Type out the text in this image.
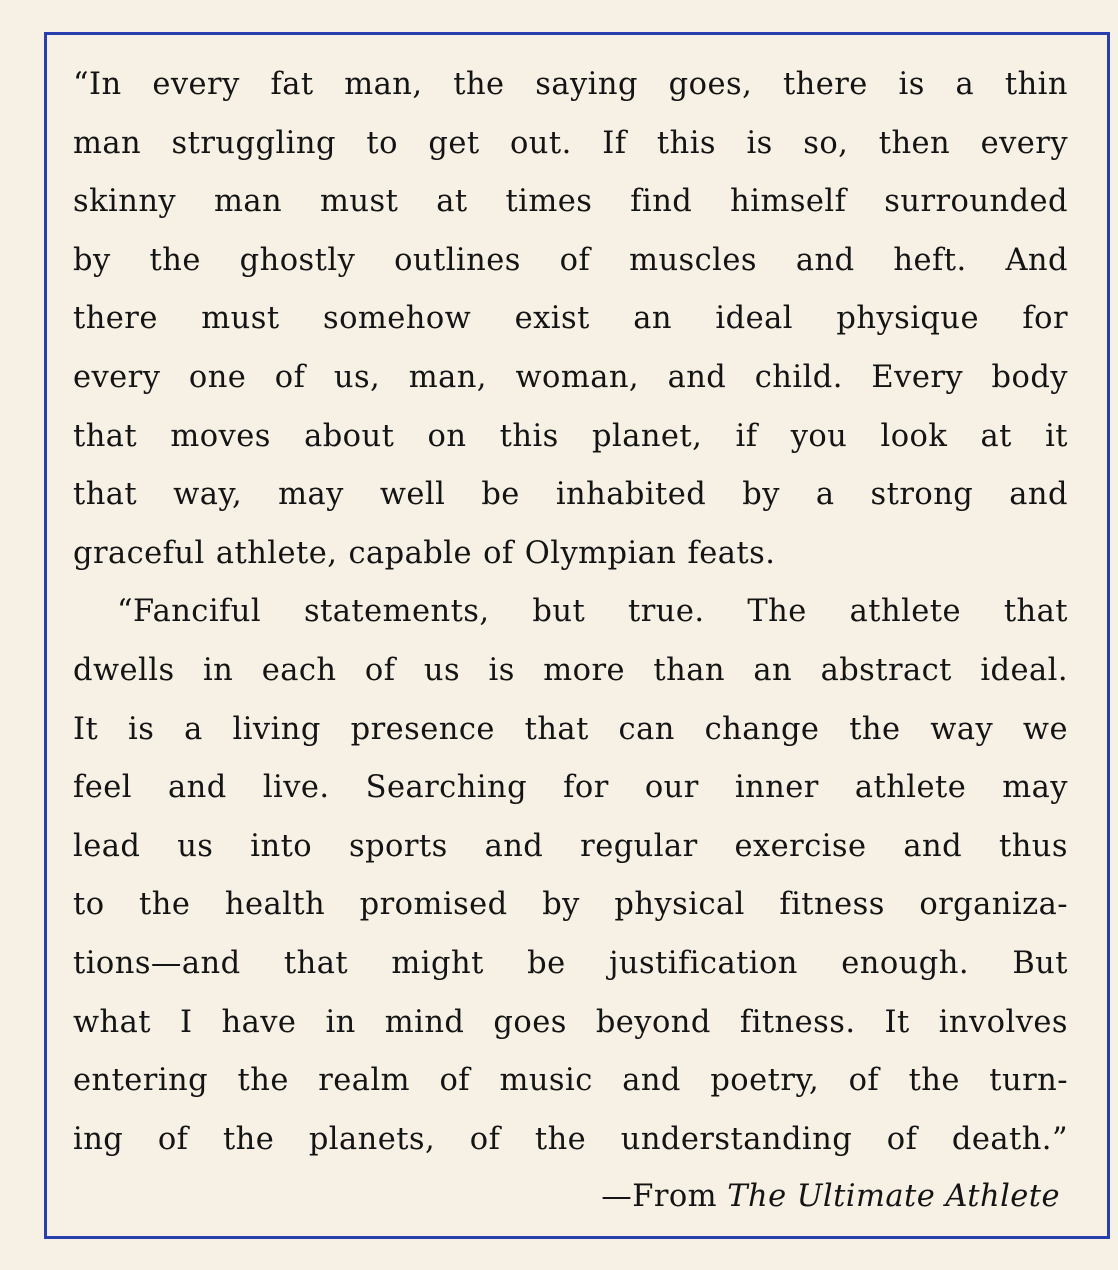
“In every fat man, the saying goes, there is a thin
man struggling to get out. If this is so, then every
skinny man must at times find himself surrounded
by the ghostly outlines of muscles and heft. And
there must somehow exist an ideal physique for
every one of us, man, woman, and child. Every body
that moves about on this planet, if you look at it
that way, may well be inhabited by a strong and
graceful athlete, capable of Olympian feats.
“Fanciful statements, but true. The athlete that
dwells in each of us is more than an abstract ideal.
It is a living presence that can change the way we
feel and live. Searching for our inner athlete may
lead us into sports and regular exercise and thus
to the health promised by physical fitness organiza-
tions—and that might be justification enough. But
what I have in mind goes beyond fitness. It involves
entering the realm of music and poetry, of the turn-
ing of the planets, of the understanding of death.”
—From The Ultimate Athlete
